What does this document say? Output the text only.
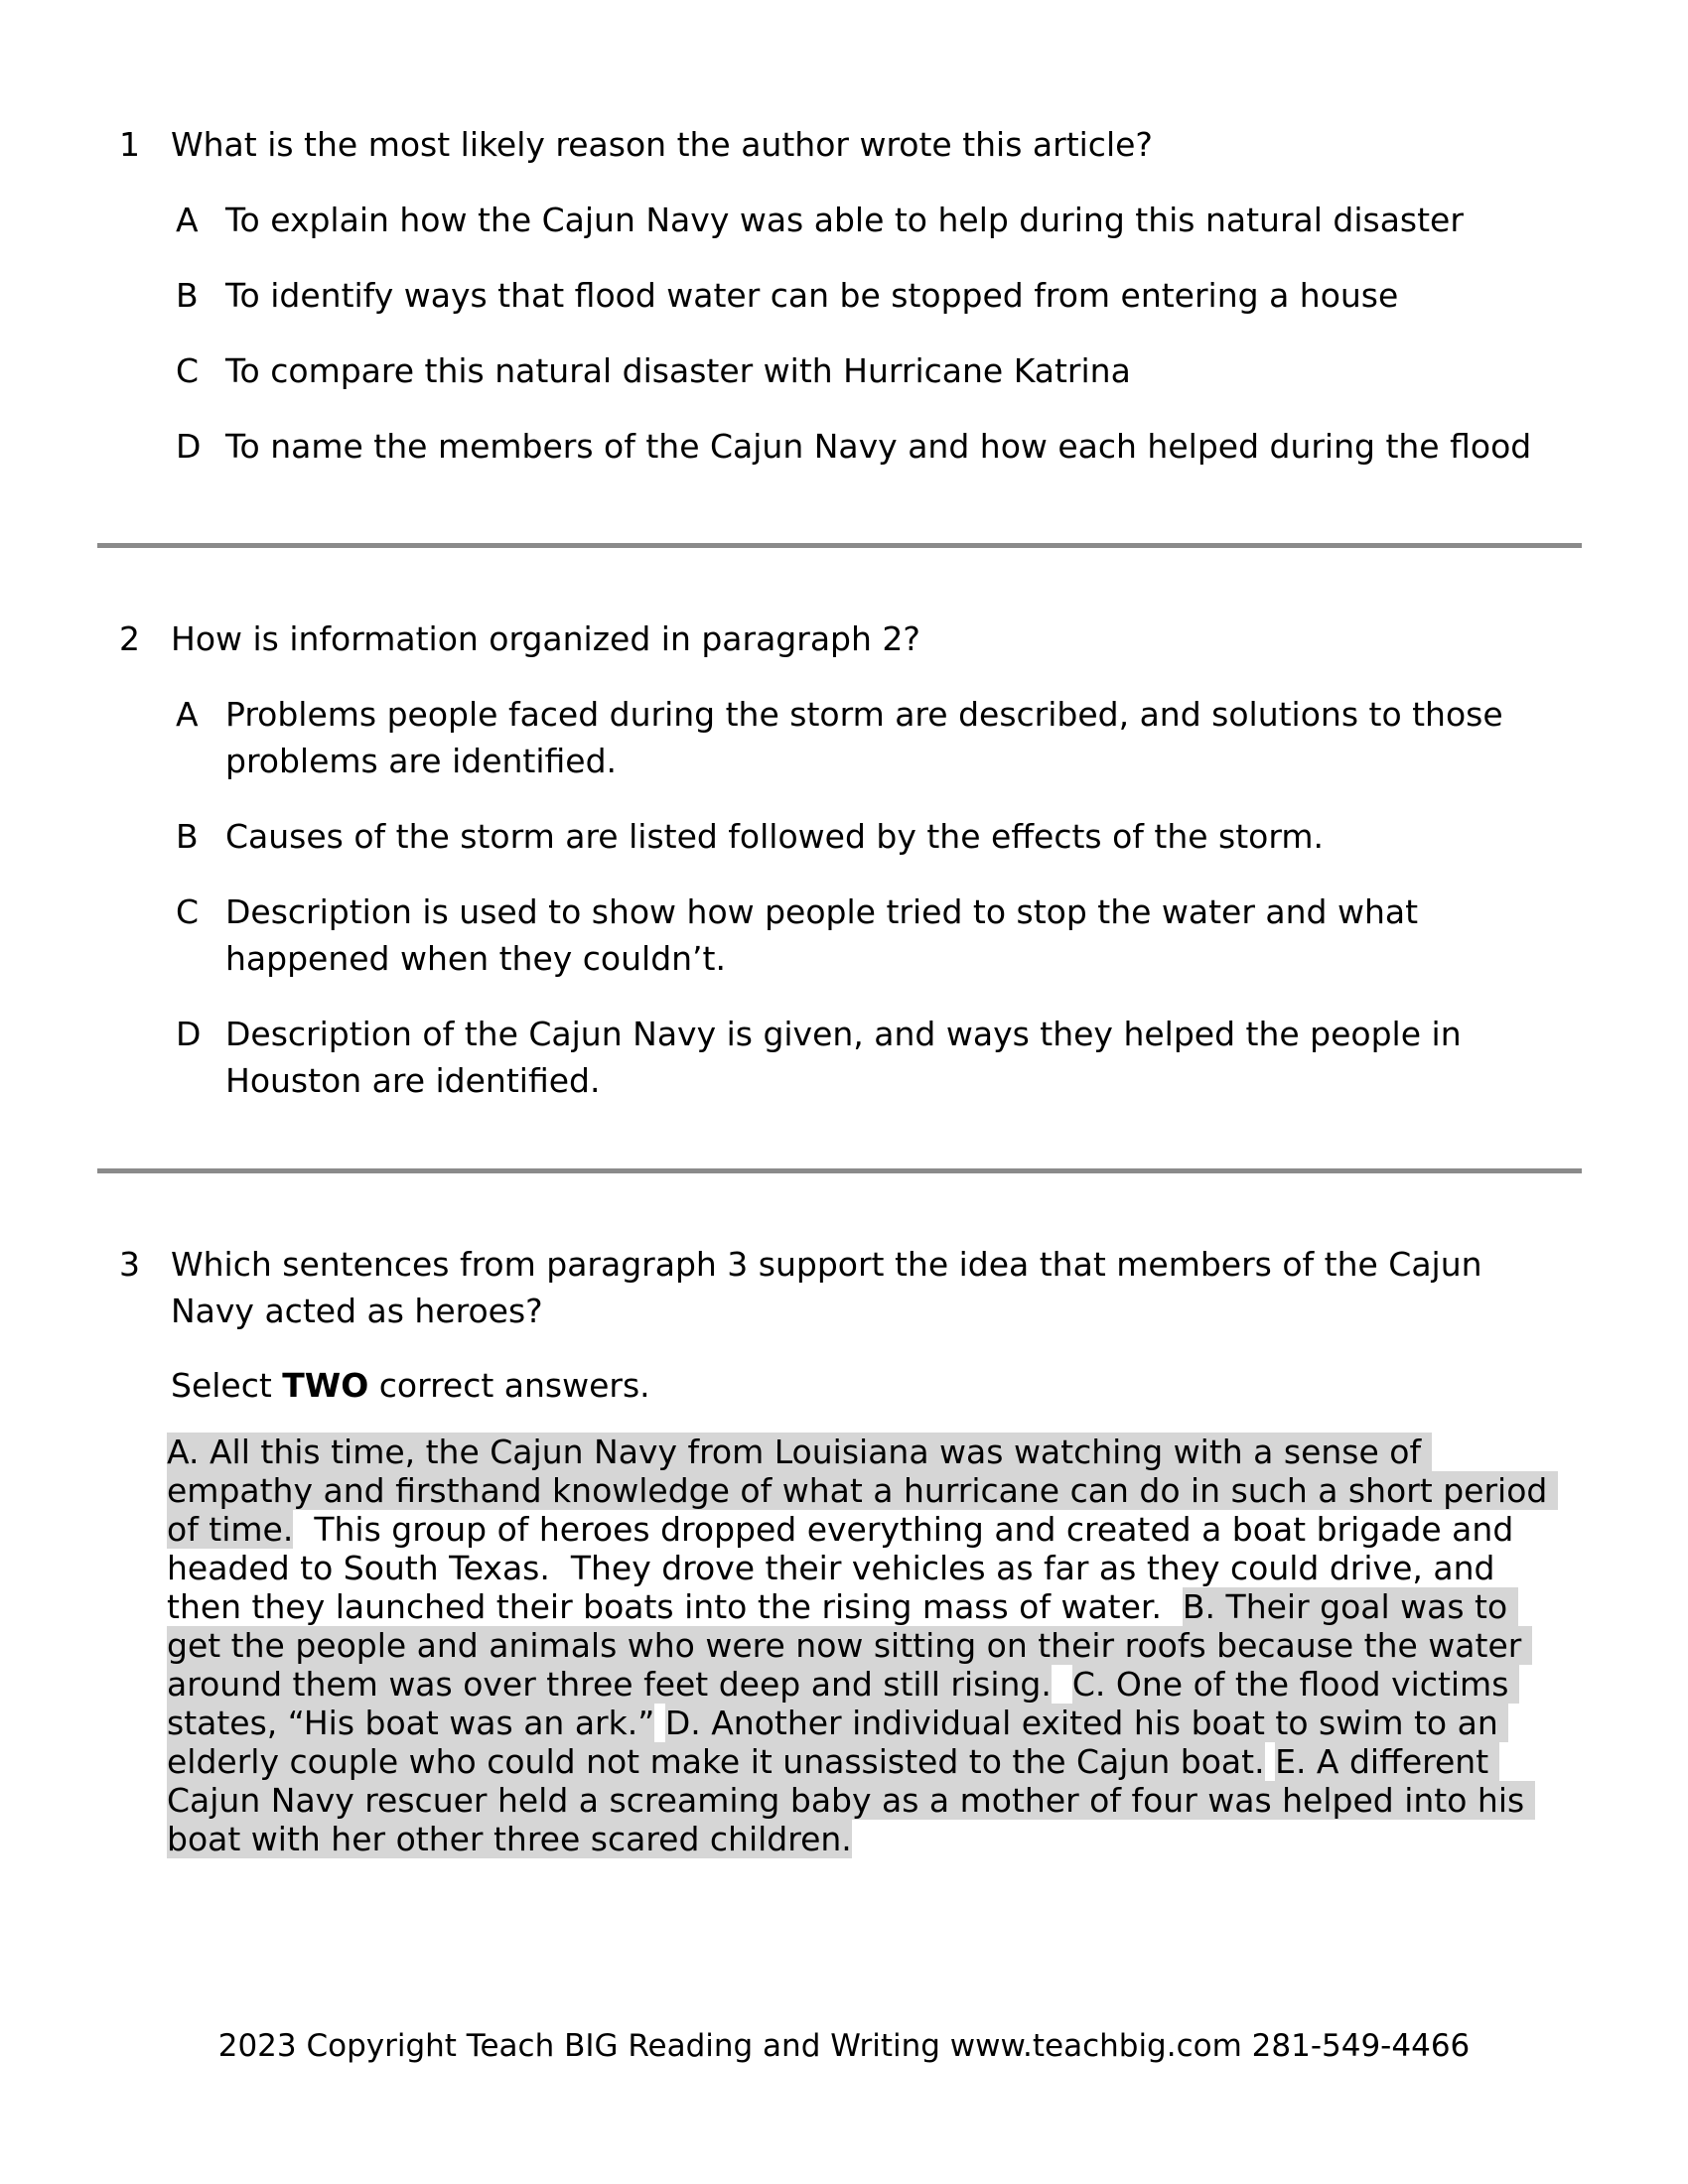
1 What is the most likely reason the author wrote this article?
A To explain how the Cajun Navy was able to help during this natural disaster
B To identify ways that flood water can be stopped from entering a house
C To compare this natural disaster with Hurricane Katrina
D To name the members of the Cajun Navy and how each helped during the flood
2 How is information organized in paragraph 2?
A Problems people faced during the storm are described, and solutions to those problems are identified.
B Causes of the storm are listed followed by the effects of the storm.
C Description is used to show how people tried to stop the water and what happened when they couldn’t.
D Description of the Cajun Navy is given, and ways they helped the people in Houston are identified.
3 Which sentences from paragraph 3 support the idea that members of the Cajun Navy acted as heroes?
Select TWO correct answers.
A. All this time, the Cajun Navy from Louisiana was watching with a sense of empathy and firsthand knowledge of what a hurricane can do in such a short period of time.  This group of heroes dropped everything and created a boat brigade and headed to South Texas.  They drove their vehicles as far as they could drive, and then they launched their boats into the rising mass of water.  B. Their goal was to get the people and animals who were now sitting on their roofs because the water around them was over three feet deep and still rising. C. One of the flood victims states, “His boat was an ark.” D. Another individual exited his boat to swim to an elderly couple who could not make it unassisted to the Cajun boat. E. A different Cajun Navy rescuer held a screaming baby as a mother of four was helped into his boat with her other three scared children.
2023 Copyright Teach BIG Reading and Writing www.teachbig.com 281-549-4466
